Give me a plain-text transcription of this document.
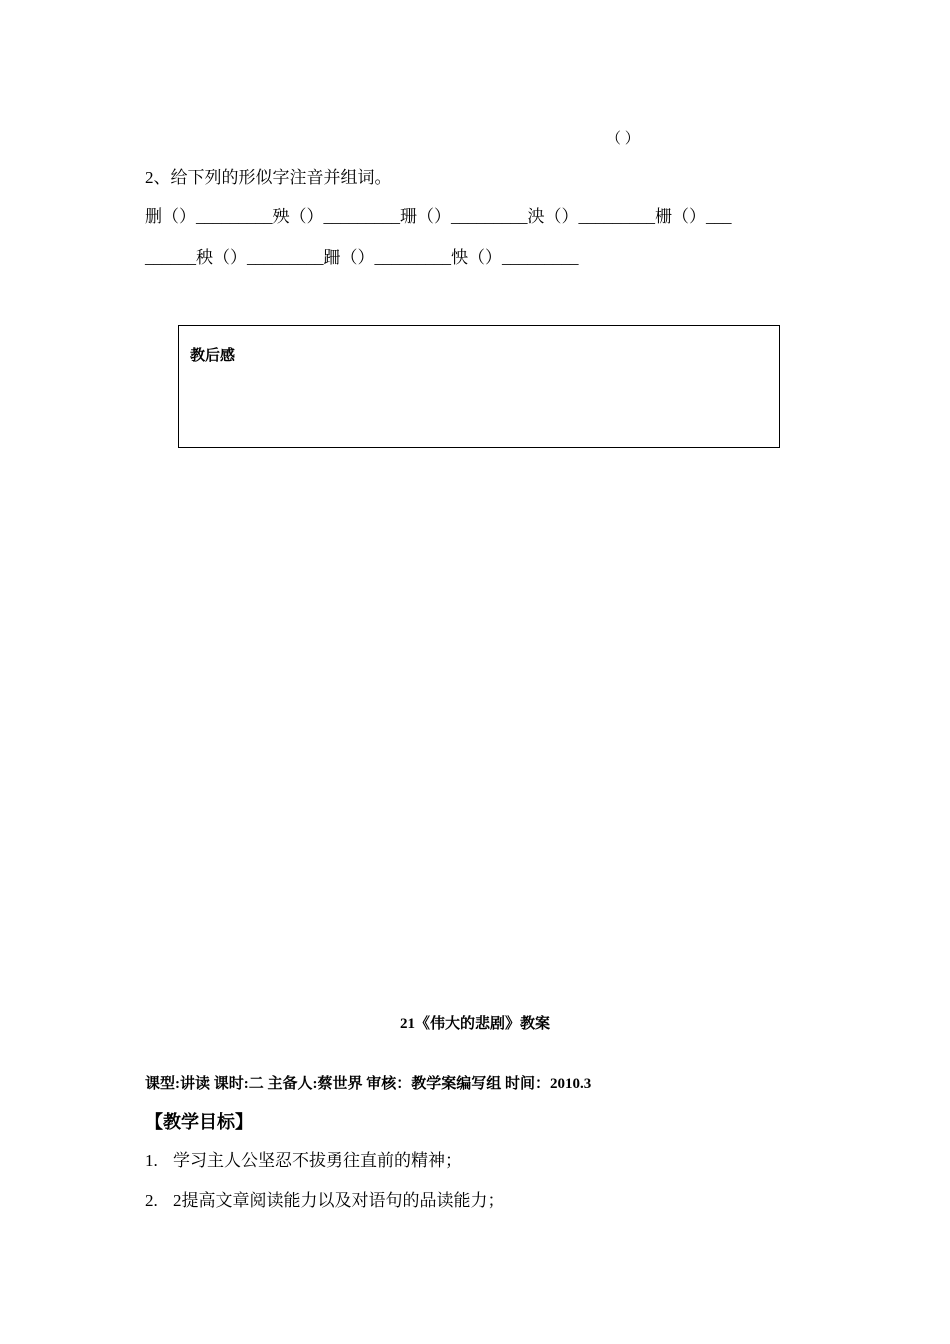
（ ）
2、给下列的形似字注音并组词。
删（）_________殃（）_________珊（）_________泱（）_________栅（）___
______秧（）_________跚（）_________怏（）_________
教后感
21《伟大的悲剧》教案
课型:讲读 课时:二 主备人:蔡世界 审核：教学案编写组 时间：2010.3
【教学目标】
1. 学习主人公坚忍不拔勇往直前的精神；
2. 2提高文章阅读能力以及对语句的品读能力；
